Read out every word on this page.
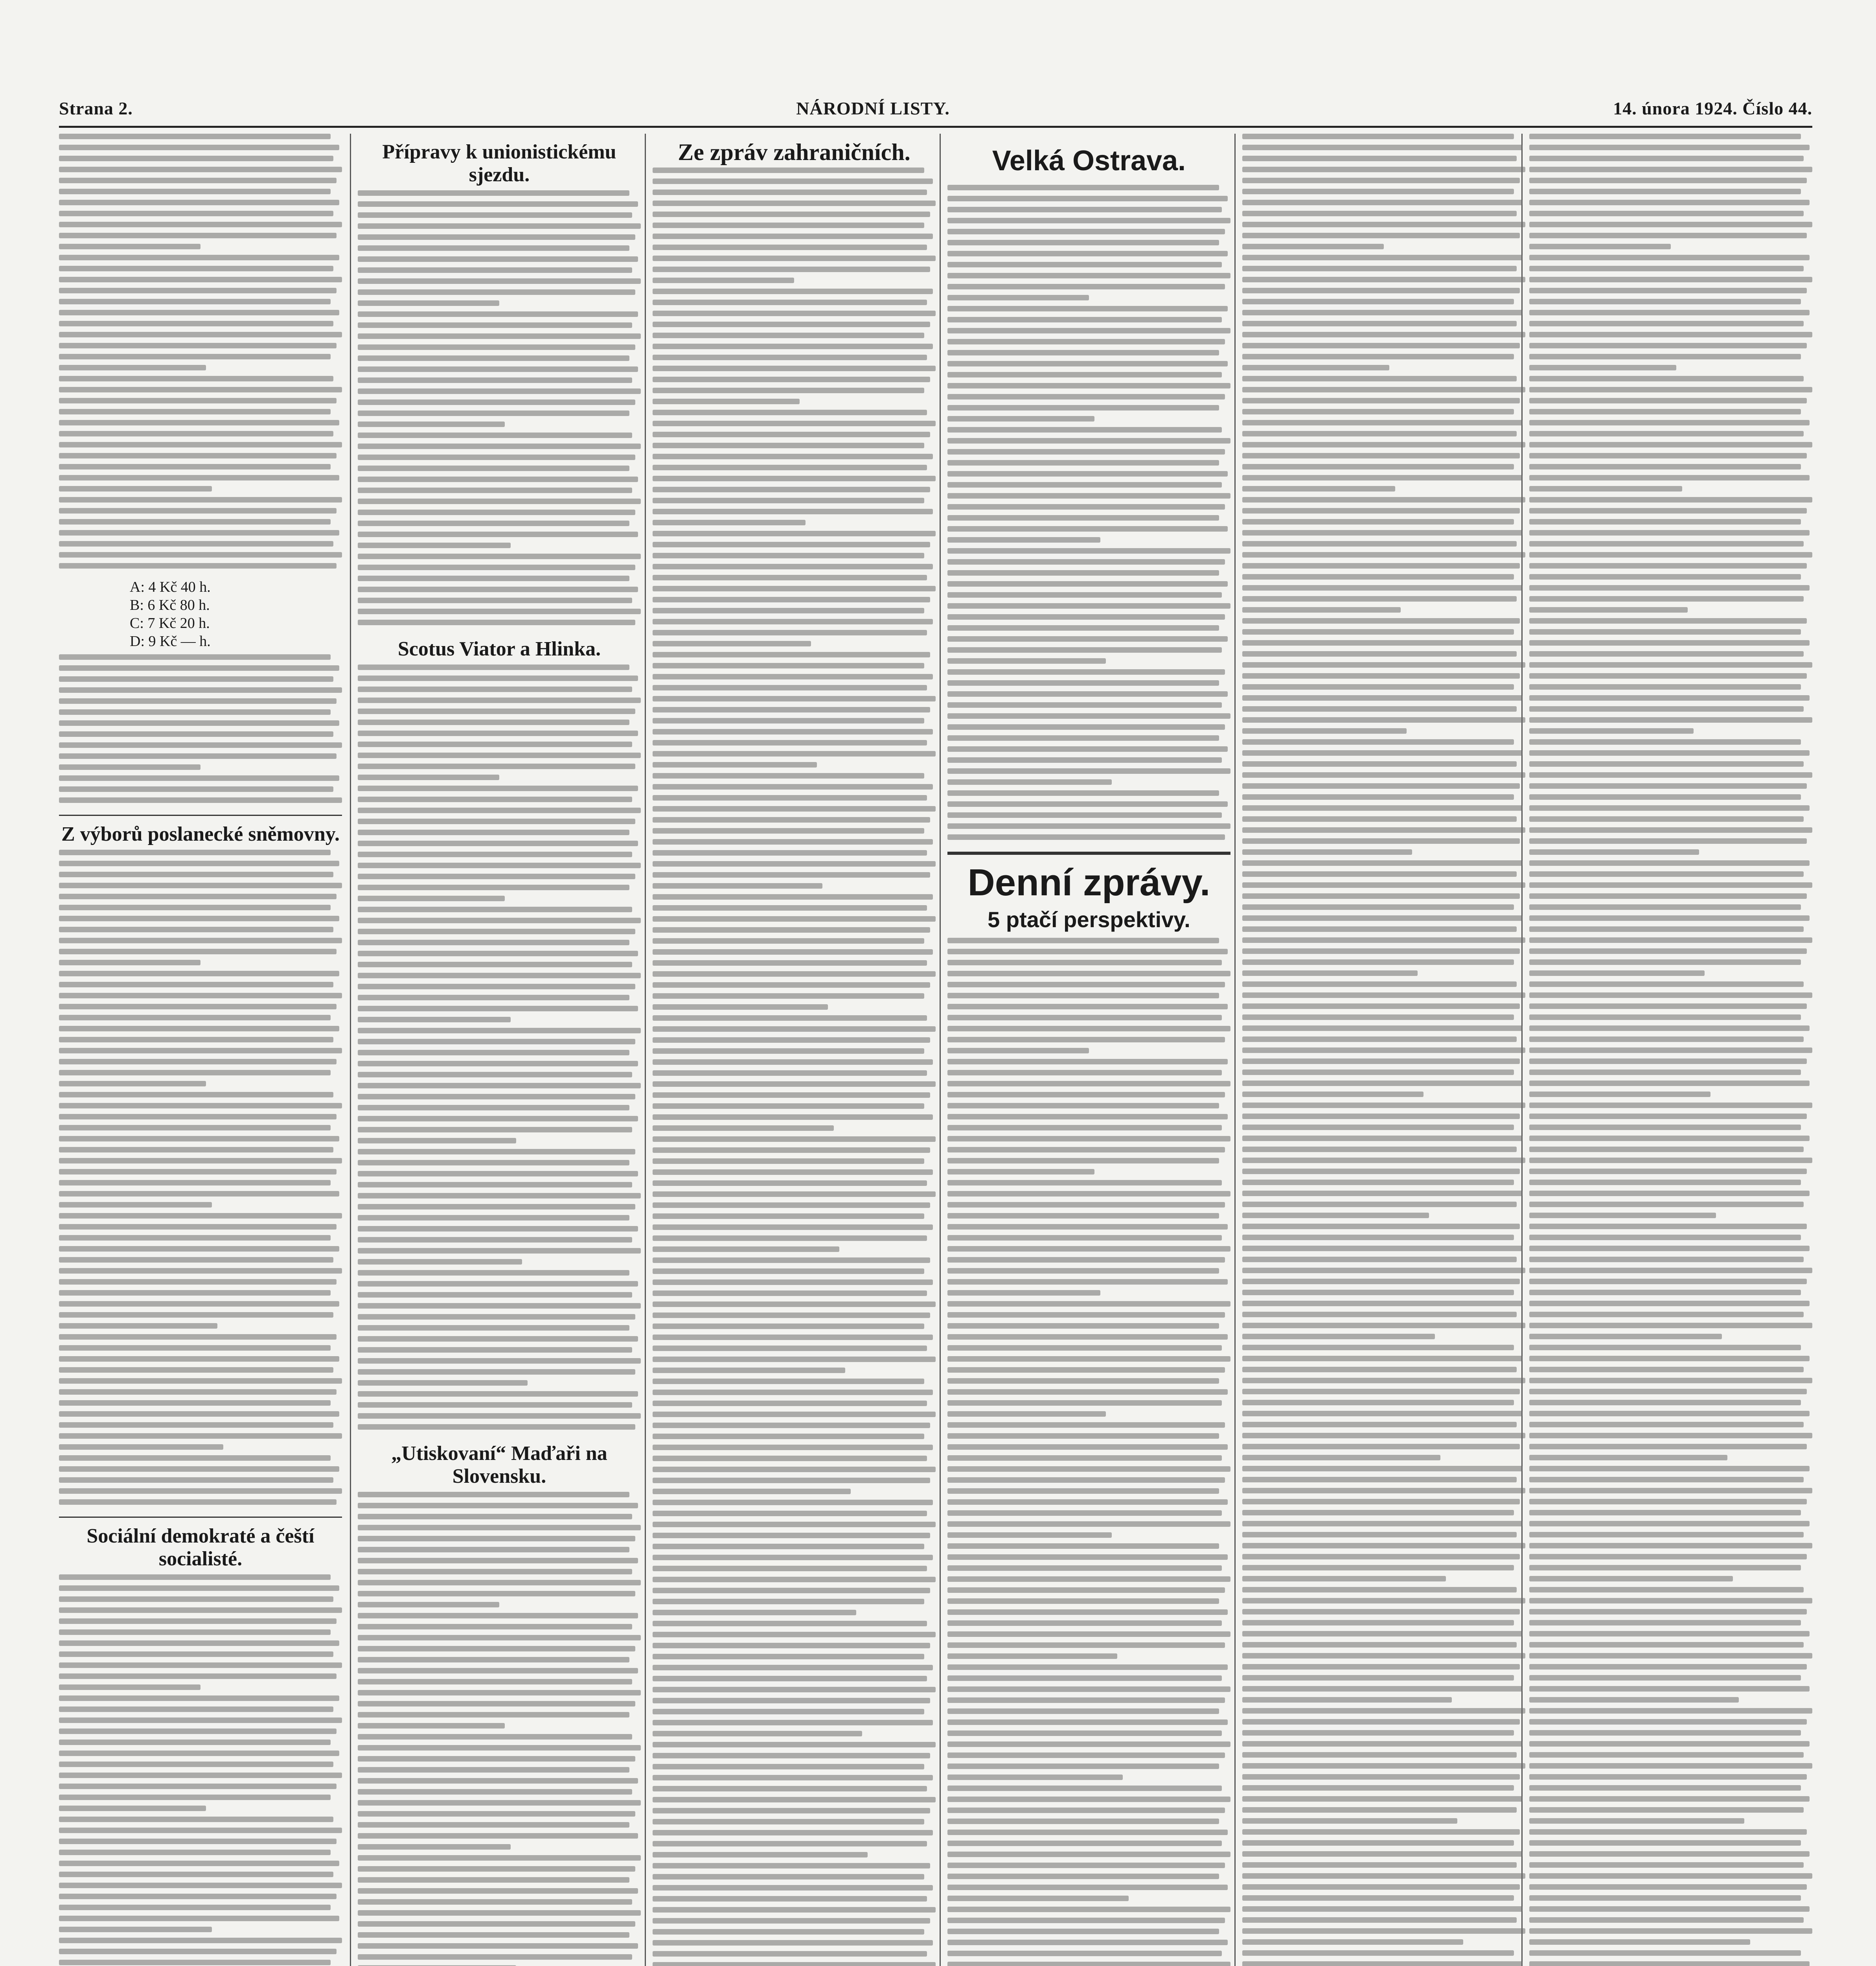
Strana 2.	NÁRODNÍ LISTY.	14. února 1924. Číslo 44.
A: 4 Kč 40 h.
B: 6 Kč 80 h.
C: 7 Kč 20 h.
D: 9 Kč — h.
Z výborů poslanecké sněmovny.
Sociální demokraté a čeští socialisté.
Přípravy k unionistickému sjezdu.
Scotus Viator a Hlinka.
„Utiskovaní“ Maďaři na Slovensku.
Ze zpráv zahraničních.	Velká Ostrava.
Denní zprávy.
5 ptačí perspektivy.
